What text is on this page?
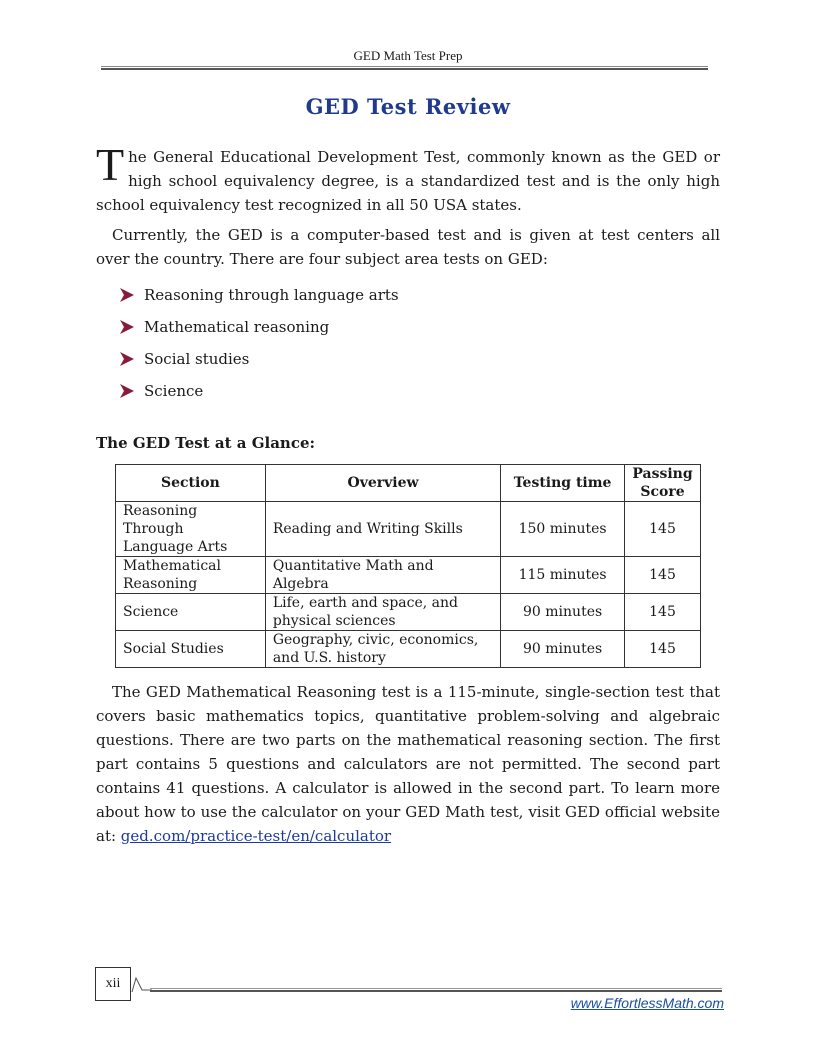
GED Math Test Prep
GED Test Review

The General Educational Development Test, commonly known as the GED or high school equivalency degree, is a standardized test and is the only high school equivalency test recognized in all 50 USA states.

Currently, the GED is a computer-based test and is given at test centers all over the country. There are four subject area tests on GED:

Reasoning through language arts
Mathematical reasoning
Social studies
Science
The GED Test at a Glance:
Section	Overview	Testing time	Passing Score
Reasoning Through Language Arts	Reading and Writing Skills	150 minutes	145
Mathematical Reasoning	Quantitative Math and Algebra	115 minutes	145
Science	Life, earth and space, and physical sciences	90 minutes	145
Social Studies	Geography, civic, economics, and U.S. history	90 minutes	145

The GED Mathematical Reasoning test is a 115-minute, single-section test that covers basic mathematics topics, quantitative problem-solving and algebraic questions. There are two parts on the mathematical reasoning section. The first part contains 5 questions and calculators are not permitted. The second part contains 41 questions. A calculator is allowed in the second part. To learn more about how to use the calculator on your GED Math test, visit GED official website at: ged.com/practice-test/en/calculator

xii
www.EffortlessMath.com
